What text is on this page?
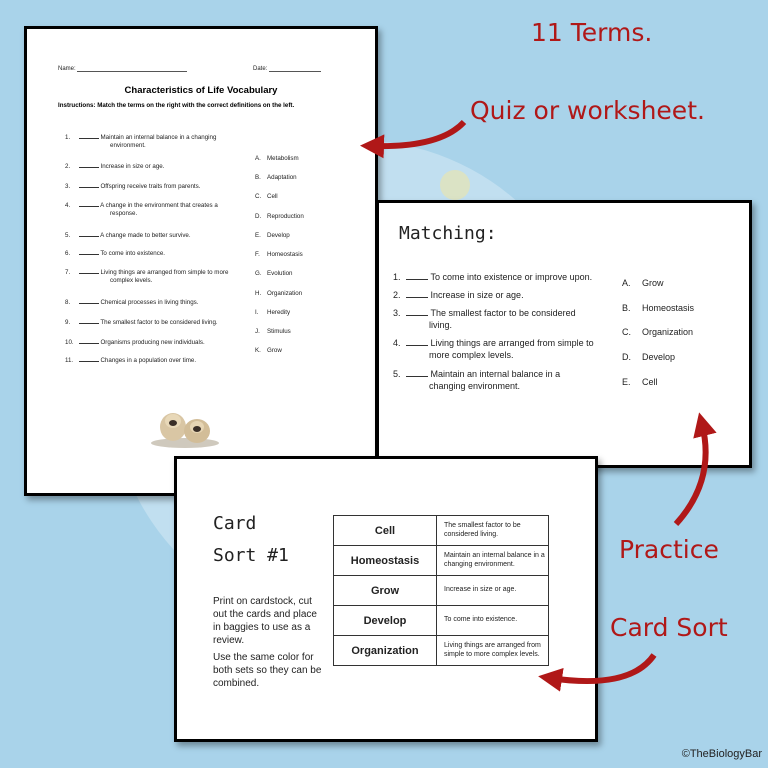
Name:	Date:
Characteristics of Life Vocabulary
Instructions: Match the terms on the right with the correct definitions on the left.
1.	Maintain an internal balance in a changing
environment.
2.	Increase in size or age.
3.	Offspring receive traits from parents.
4.	A change in the environment that creates a
response.
5.	A change made to better survive.
6.	To come into existence.
7.	Living things are arranged from simple to more
complex levels.
8.	Chemical processes in living things.
9.	The smallest factor to be considered living.
10.	Organisms producing new individuals.
11.	Changes in a population over time.
A. Metabolism
B. Adaptation
C. Cell
D. Reproduction
E. Develop
F. Homeostasis
G. Evolution
H. Organization
I. Heredity
J. Stimulus
K. Grow
Matching:
1.	To come into existence or improve upon.
2.	Increase in size or age.
3.	The smallest factor to be considered
living.
4.	Living things are arranged from simple to
more complex levels.
5.	Maintain an internal balance in a
changing environment.
A. Grow
B. Homeostasis
C. Organization
D. Develop
E. Cell
Card
Sort #1
Print on cardstock, cut out the cards and place in baggies to use as a review.
Use the same color for both sets so they can be combined.
Cell	The smallest factor to be considered living.
Homeostasis	Maintain an internal balance in a changing environment.
Grow	Increase in size or age.
Develop	To come into existence.
Organization	Living things are arranged from simple to more complex levels.
11 Terms.
Quiz or worksheet.
Practice
Card Sort
©TheBiologyBar
